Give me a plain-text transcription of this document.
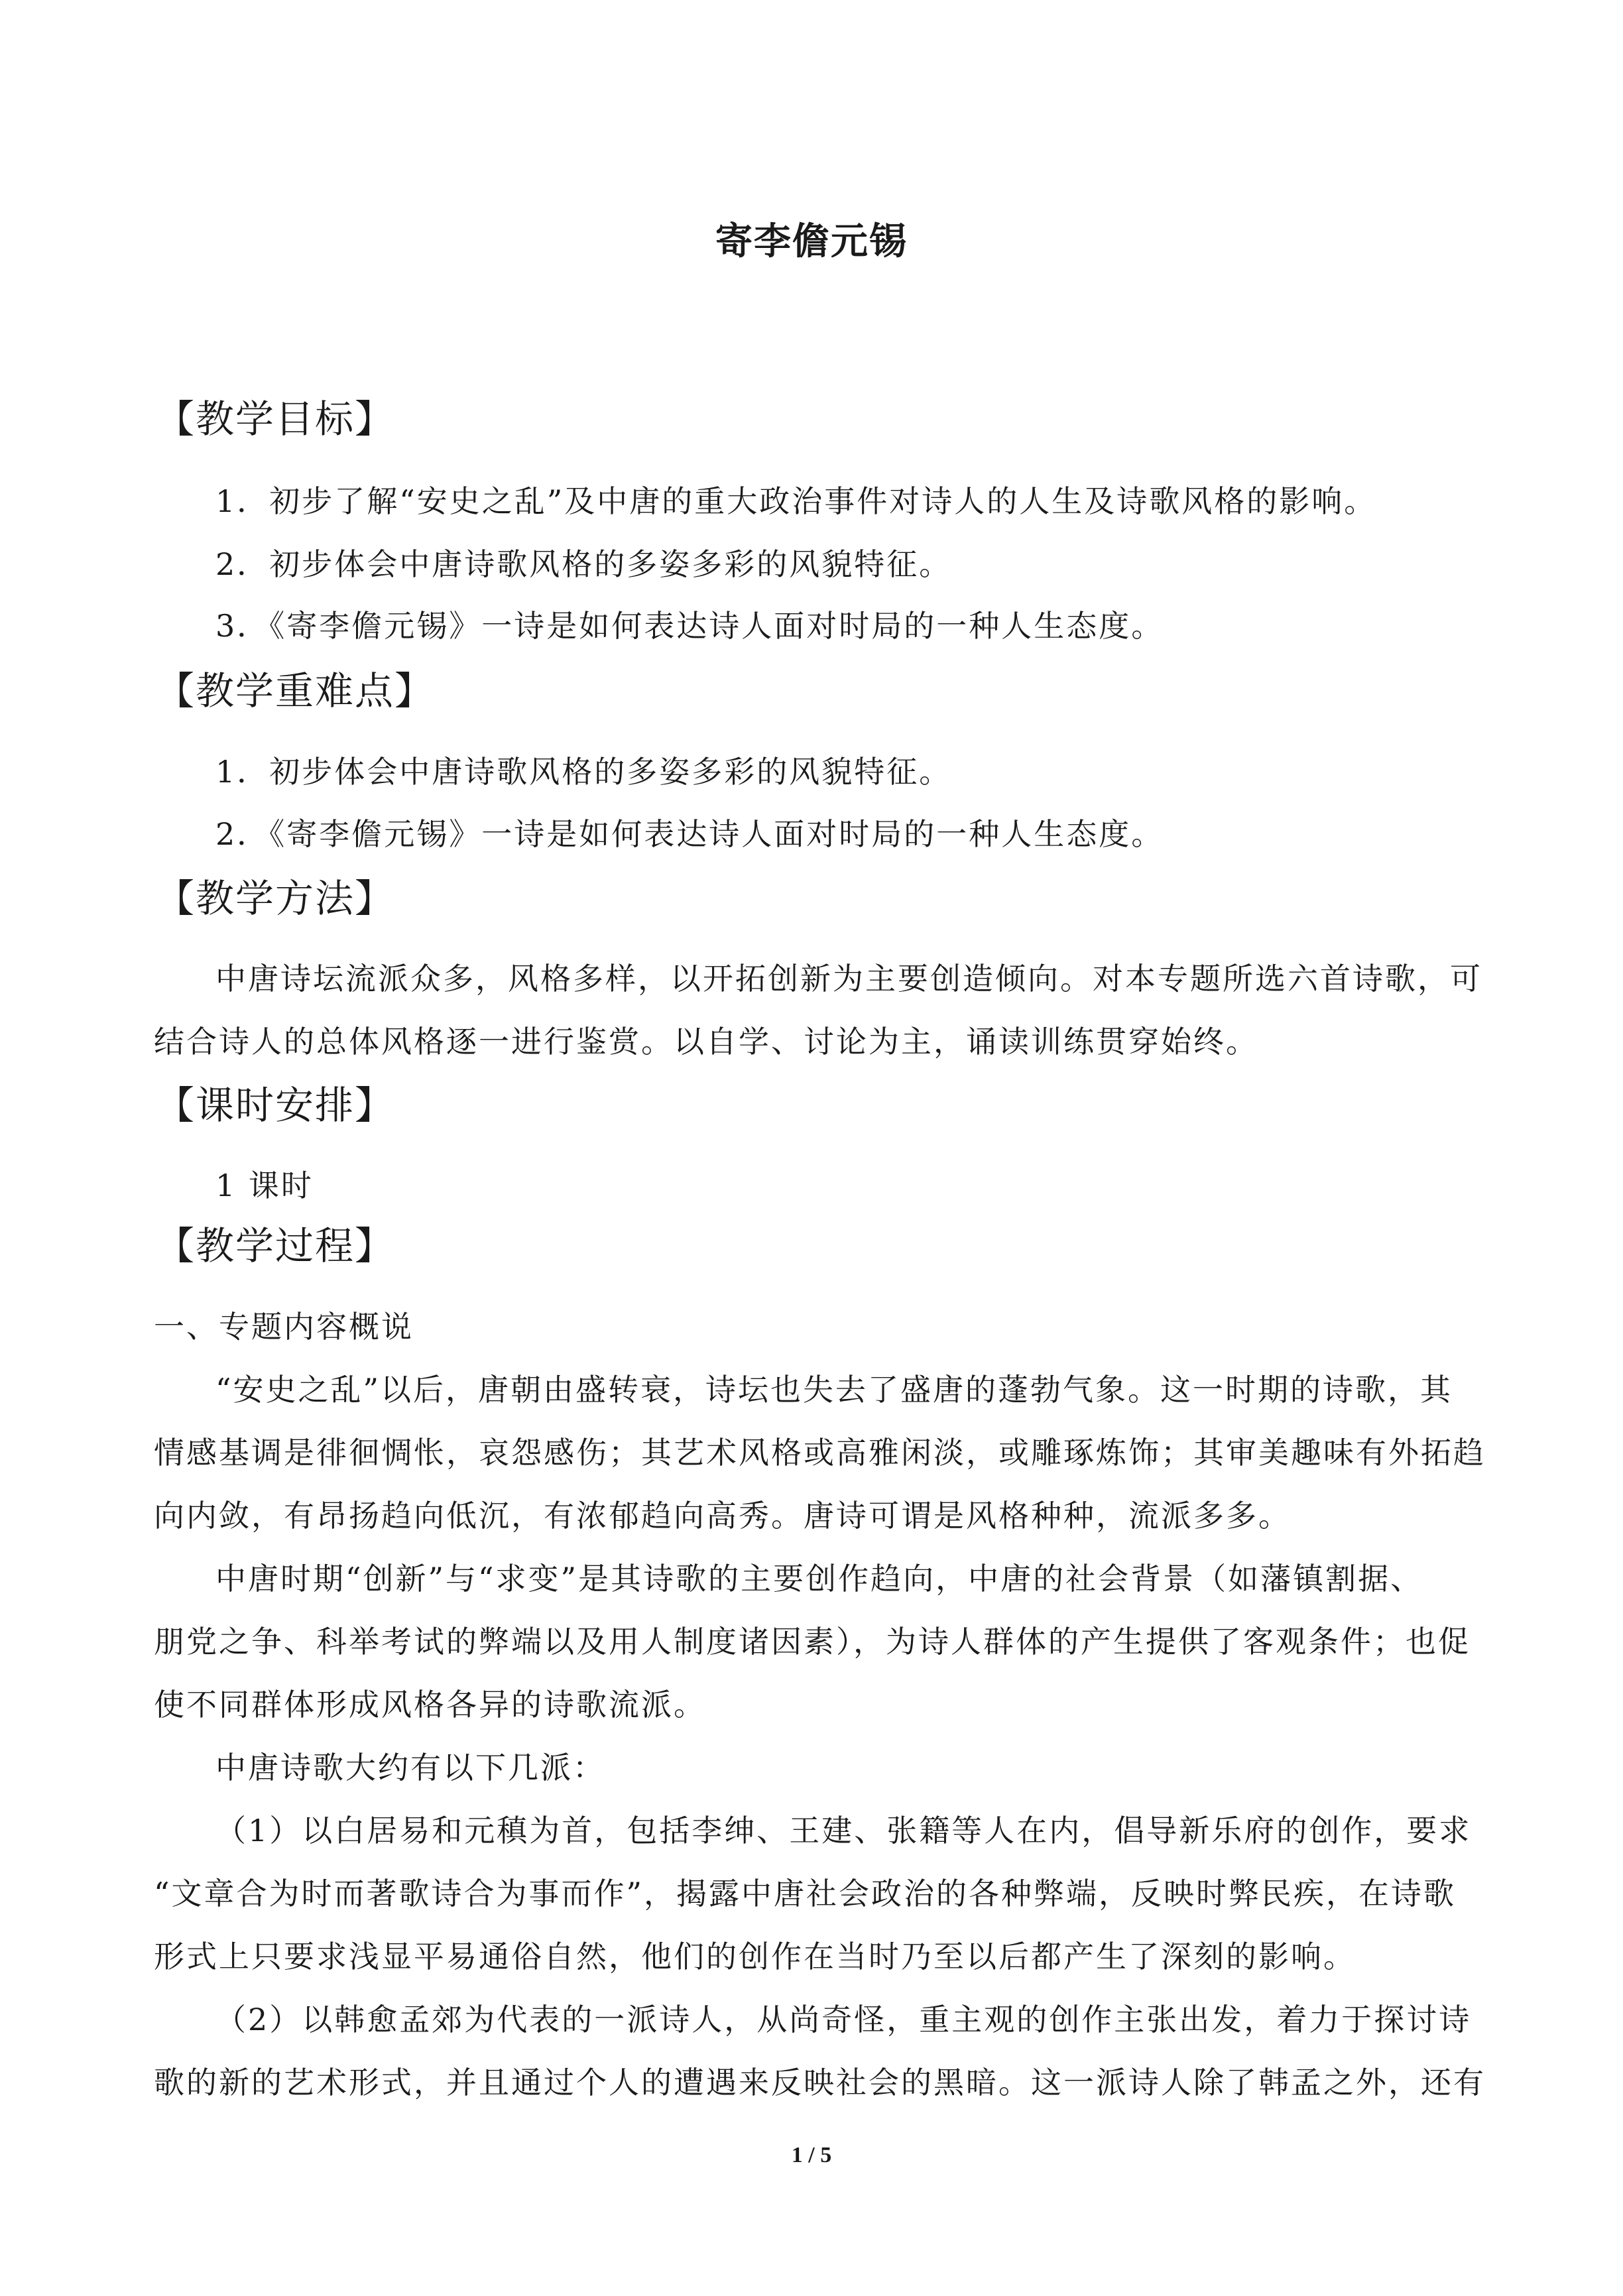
寄李儋元锡
【教学目标】

1．初步了解“安史之乱”及中唐的重大政治事件对诗人的人生及诗歌风格的影响。

2．初步体会中唐诗歌风格的多姿多彩的风貌特征。

3．《寄李儋元锡》一诗是如何表达诗人面对时局的一种人生态度。

【教学重难点】

1．初步体会中唐诗歌风格的多姿多彩的风貌特征。

2．《寄李儋元锡》一诗是如何表达诗人面对时局的一种人生态度。

【教学方法】

中唐诗坛流派众多，风格多样，以开拓创新为主要创造倾向。对本专题所选六首诗歌，可

结合诗人的总体风格逐一进行鉴赏。以自学、讨论为主，诵读训练贯穿始终。

【课时安排】

1 课时

【教学过程】

一、专题内容概说

“安史之乱”以后，唐朝由盛转衰，诗坛也失去了盛唐的蓬勃气象。这一时期的诗歌，其

情感基调是徘徊惆怅，哀怨感伤；其艺术风格或高雅闲淡，或雕琢炼饰；其审美趣味有外拓趋

向内敛，有昂扬趋向低沉，有浓郁趋向高秀。唐诗可谓是风格种种，流派多多。

中唐时期“创新”与“求变”是其诗歌的主要创作趋向，中唐的社会背景（如藩镇割据、

朋党之争、科举考试的弊端以及用人制度诸因素），为诗人群体的产生提供了客观条件；也促

使不同群体形成风格各异的诗歌流派。

中唐诗歌大约有以下几派：

（1）以白居易和元稹为首，包括李绅、王建、张籍等人在内，倡导新乐府的创作，要求

“文章合为时而著歌诗合为事而作”，揭露中唐社会政治的各种弊端，反映时弊民疾，在诗歌

形式上只要求浅显平易通俗自然，他们的创作在当时乃至以后都产生了深刻的影响。

（2）以韩愈孟郊为代表的一派诗人，从尚奇怪，重主观的创作主张出发，着力于探讨诗

歌的新的艺术形式，并且通过个人的遭遇来反映社会的黑暗。这一派诗人除了韩孟之外，还有

1 / 5
